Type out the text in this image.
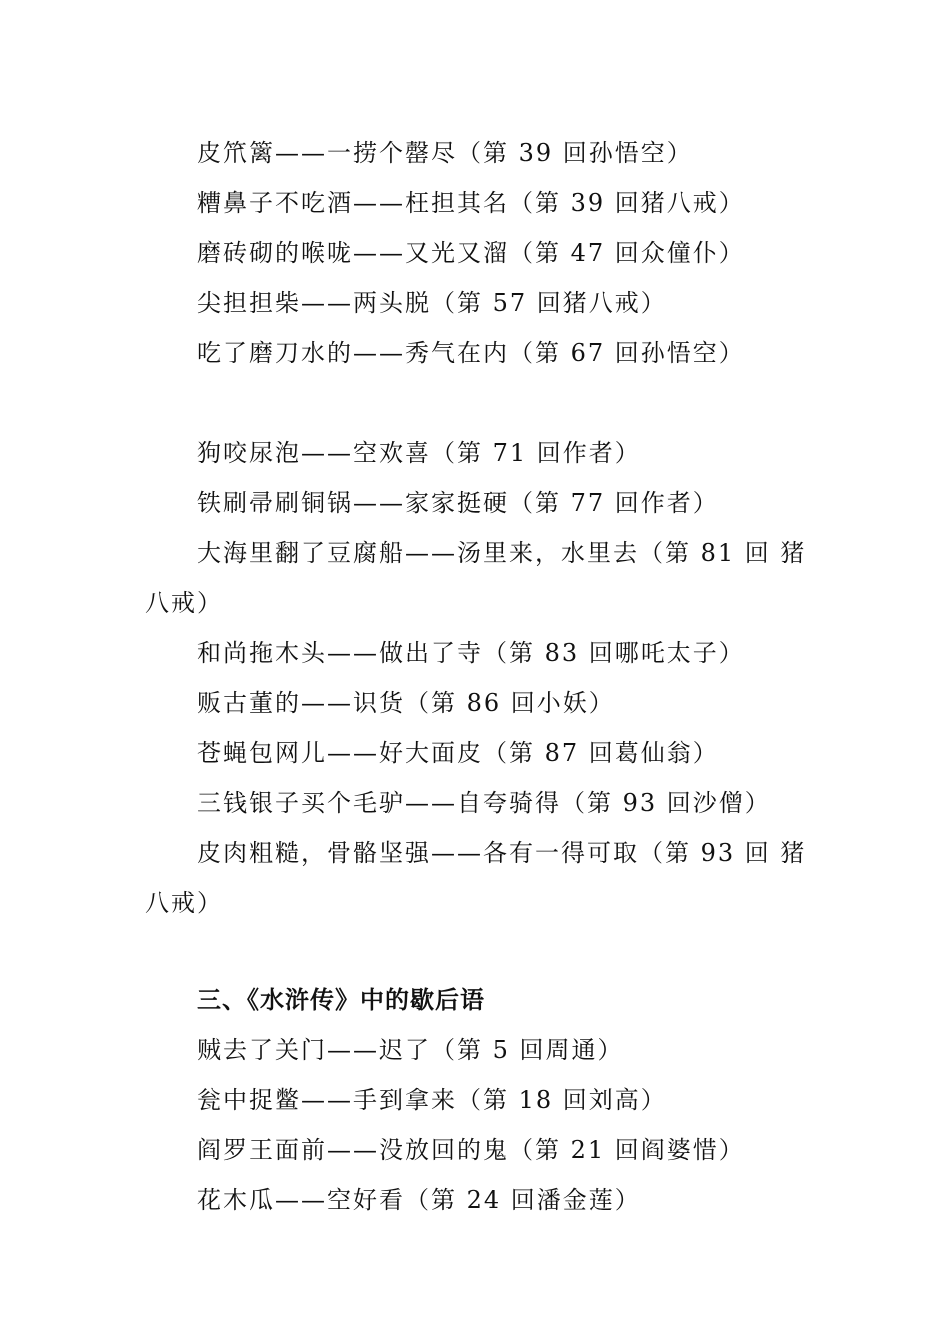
皮笊篱——一捞个罄尽（第 39 回孙悟空）
糟鼻子不吃酒——枉担其名（第 39 回猪八戒）
磨砖砌的喉咙——又光又溜（第 47 回众僮仆）
尖担担柴——两头脱（第 57 回猪八戒）
吃了磨刀水的——秀气在内（第 67 回孙悟空）
狗咬尿泡——空欢喜（第 71 回作者）
铁刷帚刷铜锅——家家挺硬（第 77 回作者）
大海里翻了豆腐船——汤里来，水里去（第 81 回 猪八戒）
和尚拖木头——做出了寺（第 83 回哪吒太子）
贩古董的——识货（第 86 回小妖）
苍蝇包网儿——好大面皮（第 87 回葛仙翁）
三钱银子买个毛驴——自夸骑得（第 93 回沙僧）
皮肉粗糙，骨骼坚强——各有一得可取（第 93 回 猪八戒）
三、《水浒传》中的歇后语
贼去了关门——迟了（第 5 回周通）
瓮中捉鳖——手到拿来（第 18 回刘高）
阎罗王面前——没放回的鬼（第 21 回阎婆惜）
花木瓜——空好看（第 24 回潘金莲）
